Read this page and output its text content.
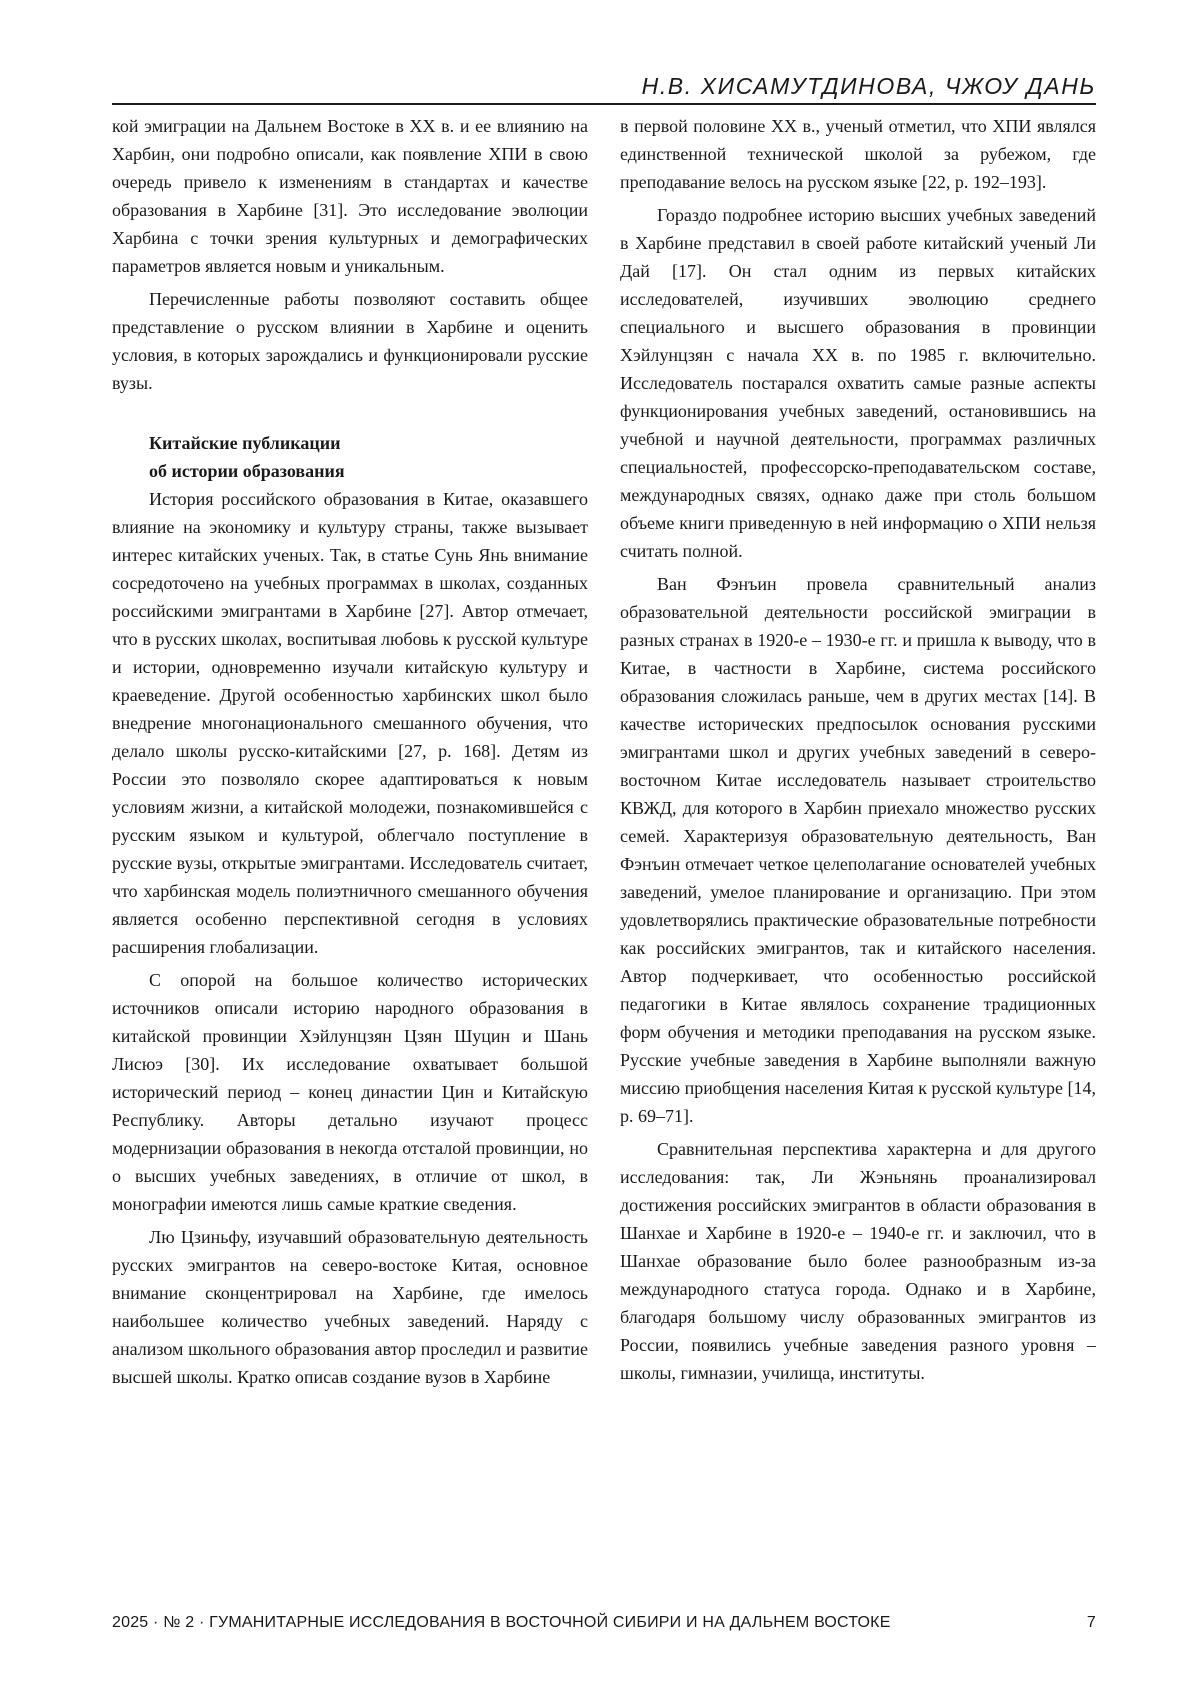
Н.В. ХИСАМУТДИНОВА, ЧЖОУ ДАНЬ

кой эмиграции на Дальнем Востоке в XX в. и ее влиянию на Харбин, они подробно описали, как появление ХПИ в свою очередь привело к изменениям в стандартах и качестве образования в Харбине [31]. Это исследование эволюции Харбина с точки зрения культурных и демографических параметров является новым и уникальным.

Перечисленные работы позволяют составить общее представление о русском влиянии в Харбине и оценить условия, в которых зарождались и функционировали русские вузы.

Китайские публикации
об истории образования

История российского образования в Китае, оказавшего влияние на экономику и культуру страны, также вызывает интерес китайских ученых. Так, в статье Сунь Янь внимание сосредоточено на учебных программах в школах, созданных российскими эмигрантами в Харбине [27]. Автор отмечает, что в русских школах, воспитывая любовь к русской культуре и истории, одновременно изучали китайскую культуру и краеведение. Другой особенностью харбинских школ было внедрение многонационального смешанного обучения, что делало школы русско-китайскими [27, p. 168]. Детям из России это позволяло скорее адаптироваться к новым условиям жизни, а китайской молодежи, познакомившейся с русским языком и культурой, облегчало поступление в русские вузы, открытые эмигрантами. Исследователь считает, что харбинская модель полиэтничного смешанного обучения является особенно перспективной сегодня в условиях расширения глобализации.

С опорой на большое количество исторических источников описали историю народного образования в китайской провинции Хэйлунцзян Цзян Шуцин и Шань Лисюэ [30]. Их исследование охватывает большой исторический период – конец династии Цин и Китайскую Республику. Авторы детально изучают процесс модернизации образования в некогда отсталой провинции, но о высших учебных заведениях, в отличие от школ, в монографии имеются лишь самые краткие сведения.

Лю Цзиньфу, изучавший образовательную деятельность русских эмигрантов на северо-востоке Китая, основное внимание сконцентрировал на Харбине, где имелось наибольшее количество учебных заведений. Наряду с анализом школьного образования автор проследил и развитие высшей школы. Кратко описав создание вузов в Харбине

в первой половине XX в., ученый отметил, что ХПИ являлся единственной технической школой за рубежом, где преподавание велось на русском языке [22, p. 192–193].

Гораздо подробнее историю высших учебных заведений в Харбине представил в своей работе китайский ученый Ли Дай [17]. Он стал одним из первых китайских исследователей, изучивших эволюцию среднего специального и высшего образования в провинции Хэйлунцзян с начала XX в. по 1985 г. включительно. Исследователь постарался охватить самые разные аспекты функционирования учебных заведений, остановившись на учебной и научной деятельности, программах различных специальностей, профессорско-преподавательском составе, международных связях, однако даже при столь большом объеме книги приведенную в ней информацию о ХПИ нельзя считать полной.

Ван Фэнъин провела сравнительный анализ образовательной деятельности российской эмиграции в разных странах в 1920-е – 1930-е гг. и пришла к выводу, что в Китае, в частности в Харбине, система российского образования сложилась раньше, чем в других местах [14]. В качестве исторических предпосылок основания русскими эмигрантами школ и других учебных заведений в северо-восточном Китае исследователь называет строительство КВЖД, для которого в Харбин приехало множество русских семей. Характеризуя образовательную деятельность, Ван Фэнъин отмечает четкое целеполагание основателей учебных заведений, умелое планирование и организацию. При этом удовлетворялись практические образовательные потребности как российских эмигрантов, так и китайского населения. Автор подчеркивает, что особенностью российской педагогики в Китае являлось сохранение традиционных форм обучения и методики преподавания на русском языке. Русские учебные заведения в Харбине выполняли важную миссию приобщения населения Китая к русской культуре [14, p. 69–71].

Сравнительная перспектива характерна и для другого исследования: так, Ли Жэньнянь проанализировал достижения российских эмигрантов в области образования в Шанхае и Харбине в 1920-е – 1940-е гг. и заключил, что в Шанхае образование было более разнообразным из-за международного статуса города. Однако и в Харбине, благодаря большому числу образованных эмигрантов из России, появились учебные заведения разного уровня – школы, гимназии, училища, институты.

2025 · № 2 · ГУМАНИТАРНЫЕ ИССЛЕДОВАНИЯ В ВОСТОЧНОЙ СИБИРИ И НА ДАЛЬНЕМ ВОСТОКЕ	7
